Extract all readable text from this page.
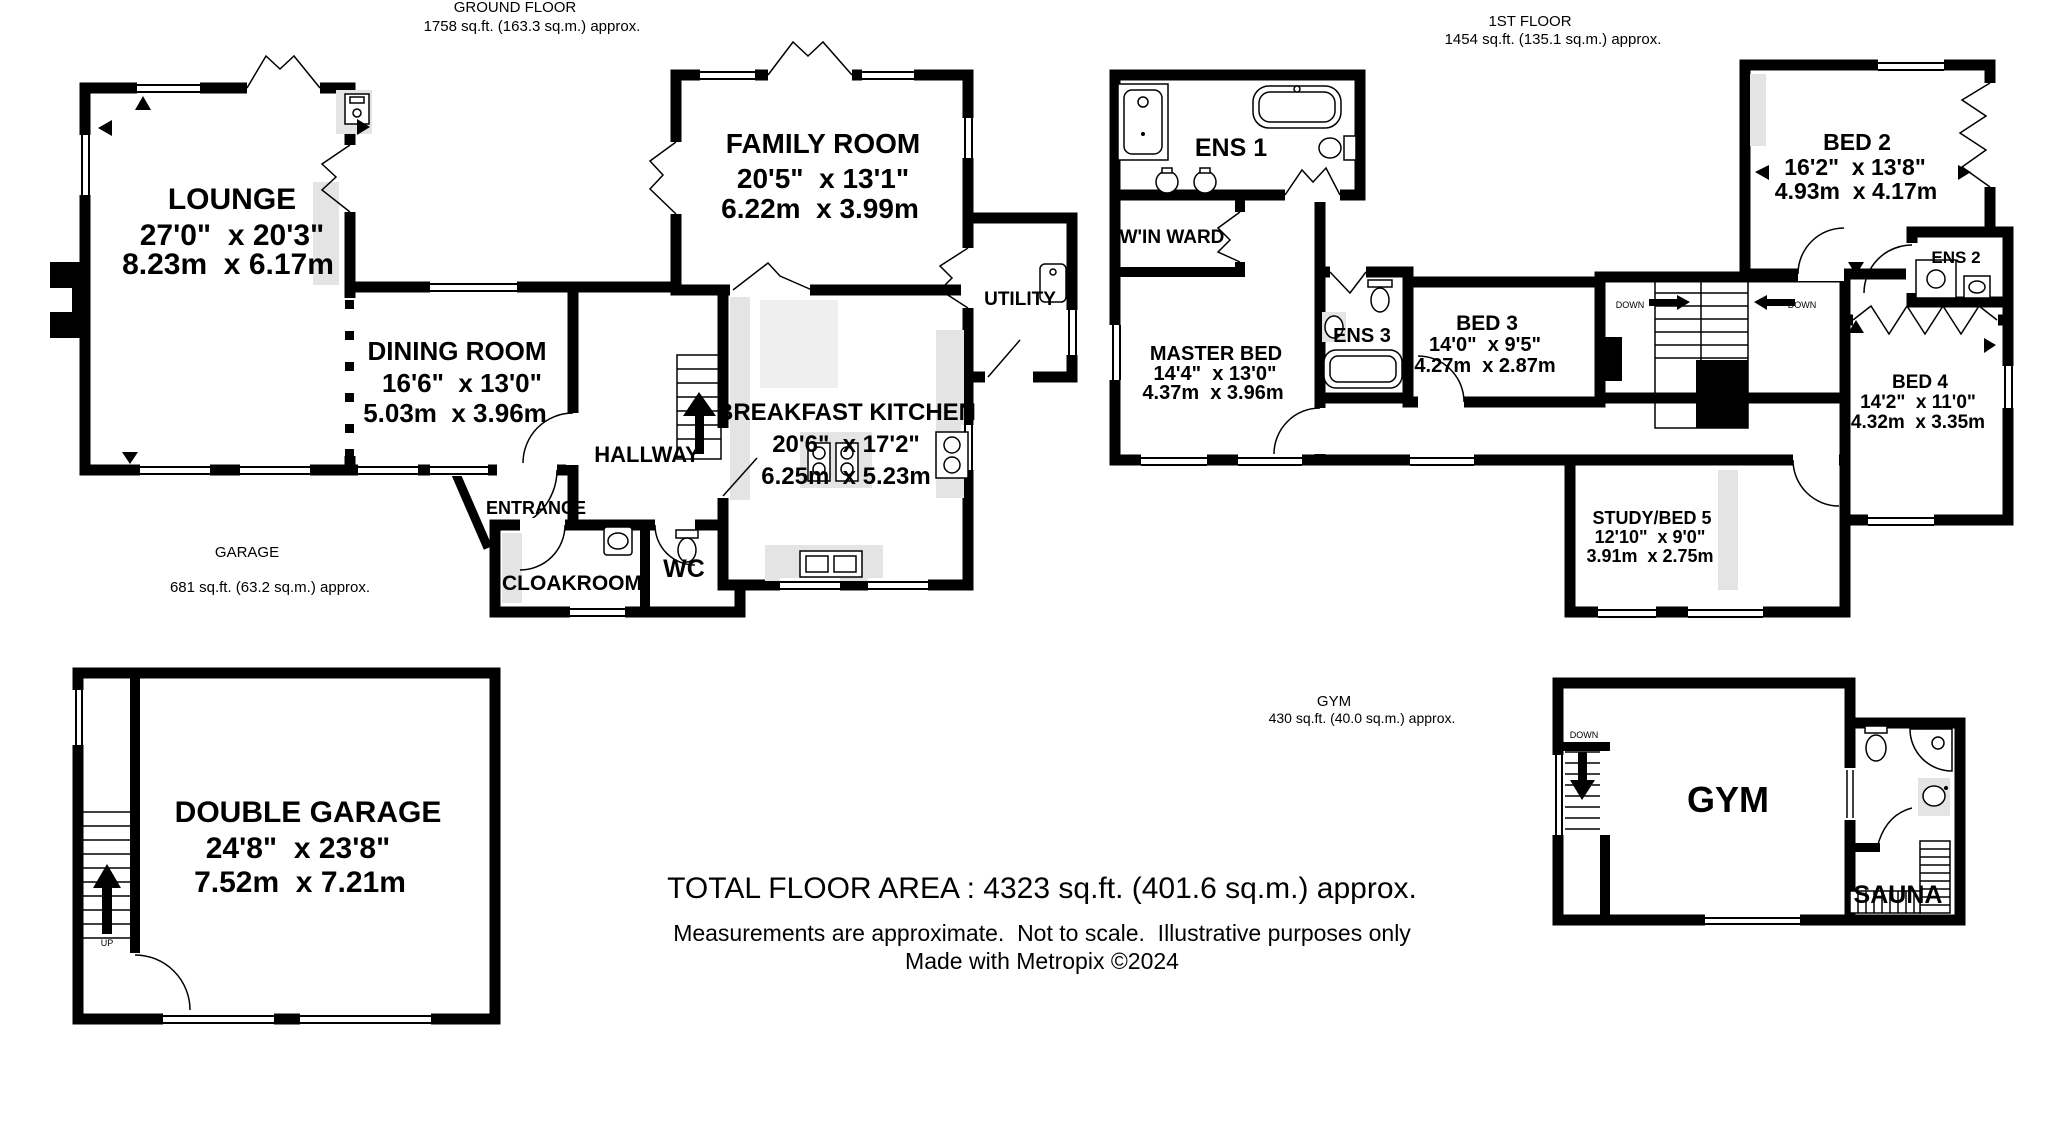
GROUND FLOOR
1758 sq.ft. (163.3 sq.m.) approx.
LOUNGE
27'0"  x 20'3"
8.23m  x 6.17m
DINING ROOM
16'6"  x 13'0"
5.03m  x 3.96m
FAMILY ROOM
20'5"  x 13'1"
6.22m  x 3.99m
BREAKFAST KITCHEN
20'6"  x 17'2"
6.25m  x 5.23m
HALLWAY
ENTRANCE
CLOAKROOM
WC
UTILITY
UP
GARAGE
681 sq.ft. (63.2 sq.m.) approx.
DOUBLE GARAGE
24'8"  x 23'8"
7.52m  x 7.21m
1ST FLOOR
1454 sq.ft. (135.1 sq.m.) approx.
ENS 1
W'IN WARD
MASTER BED
14'4"  x 13'0"
4.37m  x 3.96m
ENS 3
BED 3
14'0"  x 9'5"
4.27m  x 2.87m
BED 2
16'2"  x 13'8"
4.93m  x 4.17m
ENS 2
BED 4
14'2"  x 11'0"
4.32m  x 3.35m
STUDY/BED 5
12'10"  x 9'0"
3.91m  x 2.75m
DOWN	DOWN
GYM
430 sq.ft. (40.0 sq.m.) approx.
DOWN
GYM
SAUNA
TOTAL FLOOR AREA : 4323 sq.ft. (401.6 sq.m.) approx.
Measurements are approximate.  Not to scale.  Illustrative purposes only
Made with Metropix ©2024
